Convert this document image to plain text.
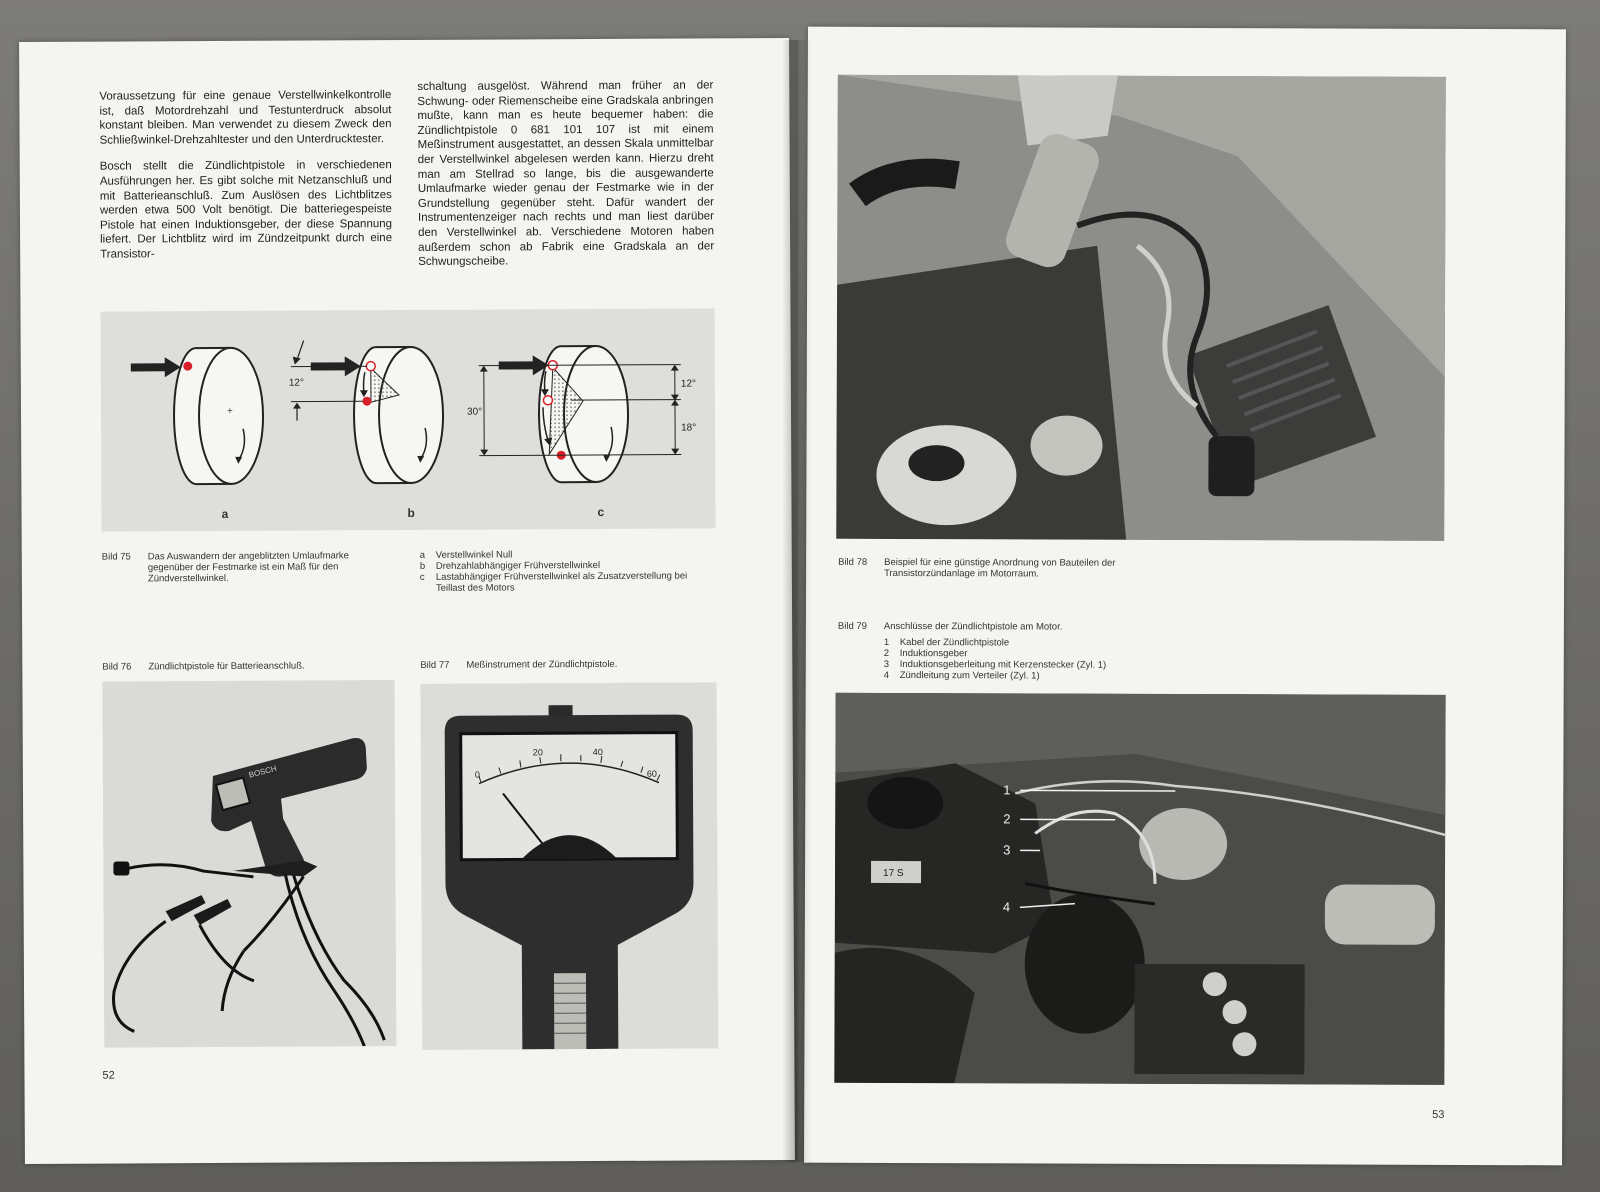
Voraussetzung für eine genaue Verstellwinkelkontrolle ist, daß Motordrehzahl und Testunterdruck absolut konstant bleiben. Man verwendet zu diesem Zweck den Schließwinkel-Drehzahltester und den Unterdrucktester.

Bosch stellt die Zündlichtpistole in verschiedenen Ausführungen her. Es gibt solche mit Netzanschluß und mit Batterieanschluß. Zum Auslösen des Lichtblitzes werden etwa 500 Volt benötigt. Die batteriegespeiste Pistole hat einen Induktionsgeber, der diese Spannung liefert. Der Lichtblitz wird im Zündzeitpunkt durch eine Transistor-

schaltung ausgelöst. Während man früher an der Schwung- oder Riemenscheibe eine Gradskala anbringen mußte, kann man es heute bequemer haben: die Zündlichtpistole 0 681 101 107 ist mit einem Meßinstrument ausgestattet, an dessen Skala unmittelbar der Verstellwinkel abgelesen werden kann. Hierzu dreht man am Stellrad so lange, bis die ausgewanderte Umlaufmarke wieder genau der Festmarke wie in der Grundstellung gegenüber steht. Dafür wandert der Instrumentenzeiger nach rechts und man liest darüber den Verstellwinkel ab. Verschiedene Motoren haben außerdem schon ab Fabrik eine Gradskala an der Schwungscheibe.

+
12°
30°
12°
18°
a	b	c
Bild 75 Das Auswandern der angeblitzten Umlaufmarke gegenüber der Festmarke ist ein Maß für den Zündverstellwinkel.
a	Verstellwinkel Null
b	Drehzahlabhängiger Frühverstellwinkel
c	Lastabhängiger Frühverstellwinkel als Zusatzverstellung bei Teillast des Motors
Bild 76 Zündlichtpistole für Batterieanschluß.	Bild 77 Meßinstrument der Zündlichtpistole.
BOSCH	0
20	40
60
52
Bild 78 Beispiel für eine günstige Anordnung von Bauteilen der Transistorzündanlage im Motorraum.
Bild 79 Anschlüsse der Zündlichtpistole am Motor.
1	Kabel der Zündlichtpistole
2	Induktionsgeber
3	Induktionsgeberleitung mit Kerzenstecker (Zyl. 1)
4	Zündleitung zum Verteiler (Zyl. 1)
17 S
1
2
3
4
53
